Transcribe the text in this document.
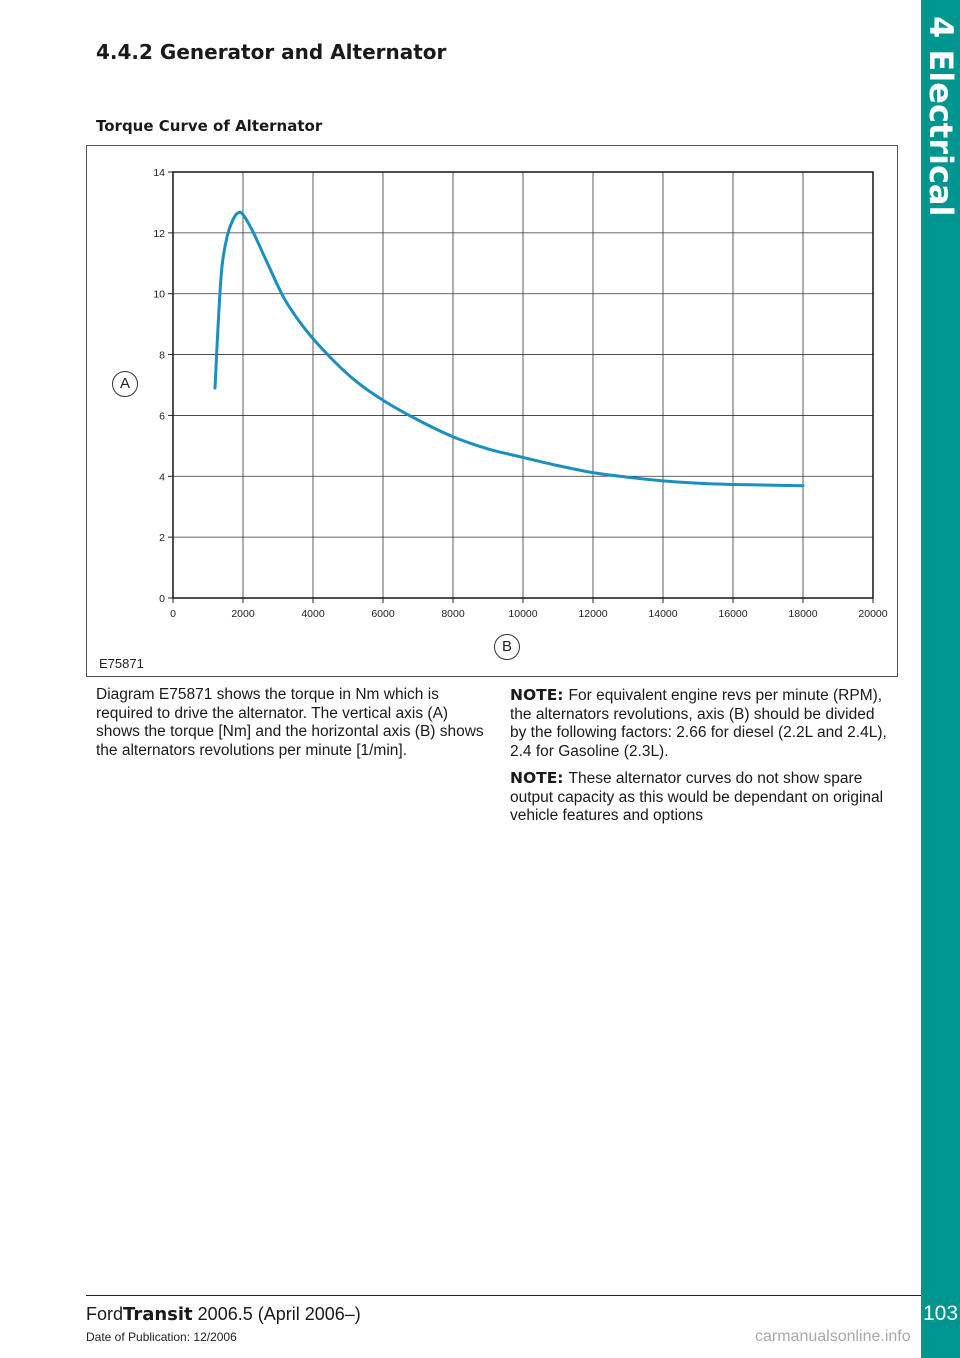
4.4.2 Generator and Alternator
Torque Curve of Alternator
0	2000	4000	6000	8000	10000	12000	14000	16000	18000	20000
0
2
4
6
8
10
12
14
A
B
E75871

Diagram E75871 shows the torque in Nm which is required to drive the alternator. The vertical axis (A) shows the torque [Nm] and the horizontal axis (B) shows the alternators revolutions per minute [1/min].

NOTE: For equivalent engine revs per minute (RPM), the alternators revolutions, axis (B) should be divided by the following factors: 2.66 for diesel (2.2L and 2.4L), 2.4 for Gasoline (2.3L).

NOTE: These alternator curves do not show spare output capacity as this would be dependant on original vehicle features and options

4 Electrical
103
FordTransit 2006.5 (April 2006–)
Date of Publication: 12/2006	carmanualsonline.info
